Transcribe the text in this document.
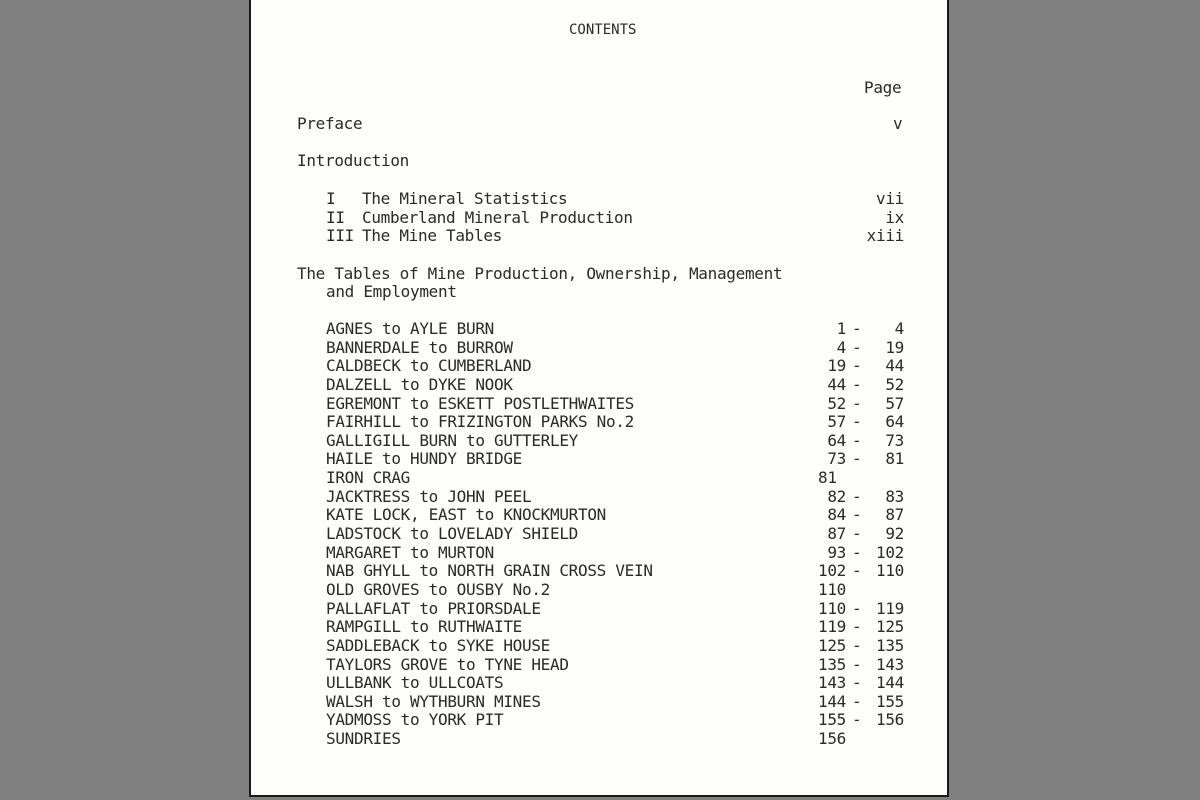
CONTENTS
Page
Preface	v
Introduction
I The Mineral Statistics	vii
II Cumberland Mineral Production	ix
III The Mine Tables	xiii
The Tables of Mine Production, Ownership, Management
and Employment
AGNES to AYLE BURN	1 -	4
BANNERDALE to BURROW	4 -	19
CALDBECK to CUMBERLAND	19 -	44
DALZELL to DYKE NOOK	44 -	52
EGREMONT to ESKETT POSTLETHWAITES	52 -	57
FAIRHILL to FRIZINGTON PARKS No.2	57 -	64
GALLIGILL BURN to GUTTERLEY	64 -	73
HAILE to HUNDY BRIDGE	73 -	81
IRON CRAG	81
JACKTRESS to JOHN PEEL	82 -	83
KATE LOCK, EAST to KNOCKMURTON	84 -	87
LADSTOCK to LOVELADY SHIELD	87 -	92
MARGARET to MURTON	93 - 102
NAB GHYLL to NORTH GRAIN CROSS VEIN	102 - 110
OLD GROVES to OUSBY No.2	110
PALLAFLAT to PRIORSDALE	110 - 119
RAMPGILL to RUTHWAITE	119 - 125
SADDLEBACK to SYKE HOUSE	125 - 135
TAYLORS GROVE to TYNE HEAD	135 - 143
ULLBANK to ULLCOATS	143 - 144
WALSH to WYTHBURN MINES	144 - 155
YADMOSS to YORK PIT	155 - 156
SUNDRIES	156
